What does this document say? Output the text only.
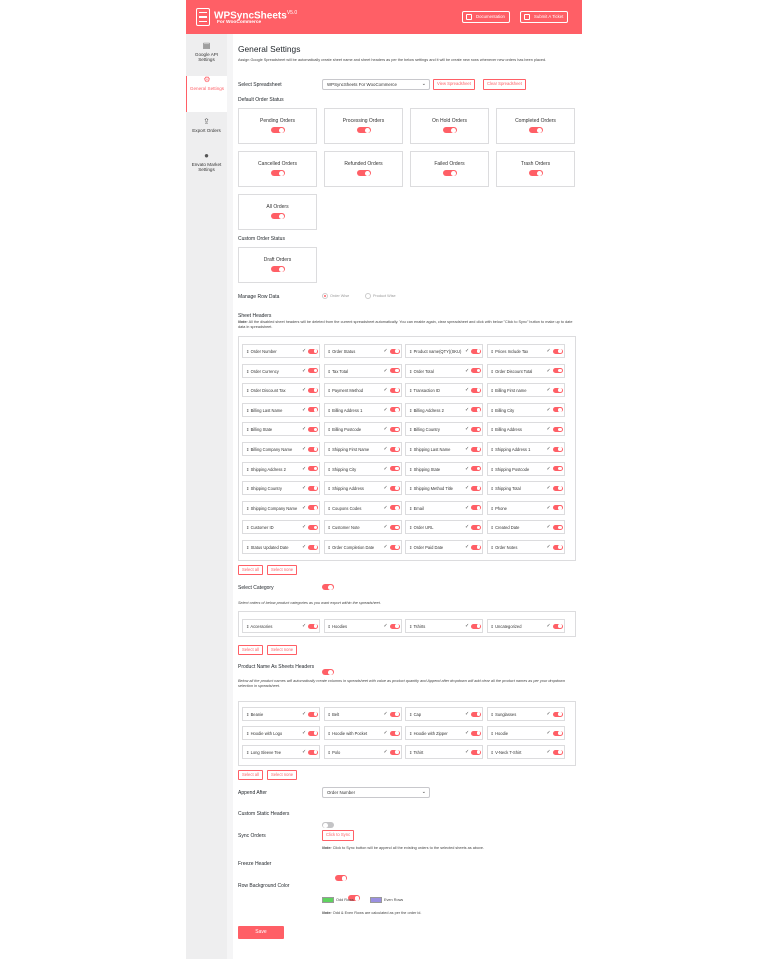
WPSyncSheets$^{V5.0}$
For WooCommerce
Documentation	Submit A Ticket
▤
Google API Settings
⚙
General Settings
⇪
Export Orders
●
Envato Market Settings
General Settings
Assign Google Spreadsheet will be automatically create sheet name and sheet headers as per the below settings and it will be create new rows whenever new orders has been placed.
Select Spreadsheet	WPSyncSheets For WooCommerce	⌄	View Spreadsheet	Clear Spreadsheet
Default Order Status
Pending Orders	Processing Orders	On Hold Orders	Completed Orders
Cancelled Orders	Refunded Orders	Failed Orders	Trash Orders
All Orders
Custom Order Status
Draft Orders
Manage Row Data	Order Wise	Product Wise
Sheet Headers
Note: All the disabled sheet headers will be deleted from the current spreadsheet automatically. You can enable again, clear spreadsheet and click with below "Click to Sync" button to make up to date data in spreadsheet.
⇕ Order Number	✓	⇕ Order Status	✓	⇕ Product name(QTY)(SKU) ✓	⇕ Prices Include Tax	✓
⇕ Order Currency	✓	⇕ Tax Total	✓	⇕ Order Total	✓	⇕ Order Discount Total	✓
⇕ Order Discount Tax	✓	⇕ Payment Method	✓	⇕ Transaction ID	✓	⇕ Billing First name	✓
⇕ Billing Last Name	✓	⇕ Billing Address 1	✓	⇕ Billing Address 2	✓	⇕ Billing City	✓
⇕ Billing State	✓	⇕ Billing Postcode	✓	⇕ Billing Country	✓	⇕ Billing Address	✓
⇕ Billing Company Name	✓	⇕ Shipping First Name	✓	⇕ Shipping Last Name	✓	⇕ Shipping Address 1	✓
⇕ Shipping Address 2	✓	⇕ Shipping City	✓	⇕ Shipping State	✓	⇕ Shipping Postcode	✓
⇕ Shipping Country	✓	⇕ Shipping Address	✓	⇕ Shipping Method Title	✓	⇕ Shipping Total	✓
⇕ Shipping Company Name ✓	⇕ Coupons Codes	✓	⇕ Email	✓	⇕ Phone	✓
⇕ Customer ID	✓	⇕ Customer Note	✓	⇕ Order URL	✓	⇕ Created Date	✓
⇕ Status Updated Date	✓	⇕ Order Completion Date	✓	⇕ Order Paid Date	✓	⇕ Order Notes	✓
Select all	Select none
Select Category
Select orders of below product categories as you want export within the spreadsheet.
⇕ Accessories	✓	⇕ Hoodies	✓	⇕ Tshirts	✓	⇕ Uncategorized	✓
Select all	Select none
Product Name As Sheets Headers
Below all the product names will automatically create columns in spreadsheet with value as product quantity and Append after dropdown will add clear all the product names as per your dropdown selection in spreadsheet.
⇕ Beanie	✓	⇕ Belt	✓	⇕ Cap	✓	⇕ Sunglasses	✓
⇕ Hoodie with Logo	✓	⇕ Hoodie with Pocket	✓	⇕ Hoodie with Zipper	✓	⇕ Hoodie	✓
⇕ Long Sleeve Tee	✓	⇕ Polo	✓	⇕ Tshirt	✓	⇕ V-Neck T-Shirt	✓
Select all	Select none
Append After	Order Number	⌄
Custom Static Headers

Sync Orders	Click to Sync
Note: Click to Sync button will be append all the existing orders to the selected sheets as above.
Freeze Header

Row Background Color
Odd Rows	Even Rows
Note: Odd & Even Rows are calculated as per the order id.
Save
